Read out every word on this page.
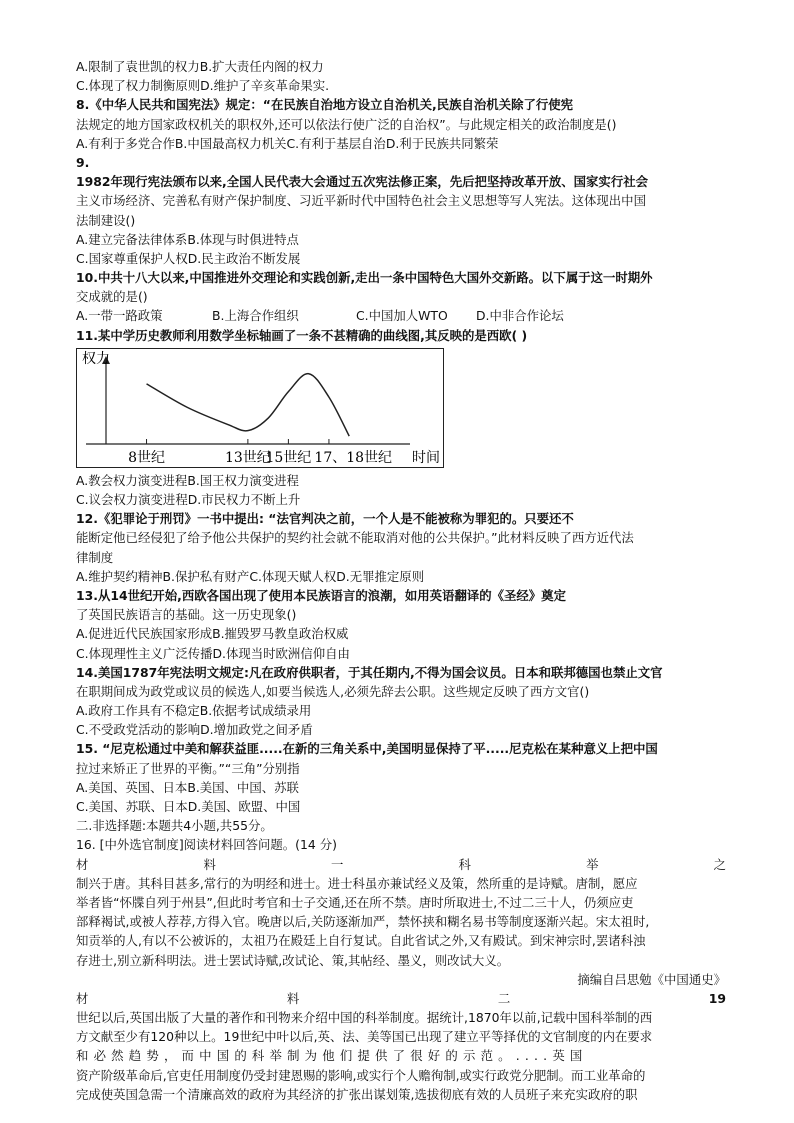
A.限制了袁世凯的权力B.扩大责任内阁的权力
C.体现了权力制衡原则D.维护了辛亥革命果实.
8.《中华人民共和国宪法》规定：“在民族自治地方设立自治机关,民族自治机关除了行使宪
法规定的地方国家政权机关的职权外,还可以依法行使广泛的自治权”。与此规定相关的政治制度是()
A.有利于多党合作B.中国最高权力机关C.有利于基层自治D.利于民族共同繁荣
9.
1982年现行宪法颁布以来,全国人民代表大会通过五次宪法修正案，先后把坚持改革开放、国家实行社会
主义市场经济、完善私有财产保护制度、习近平新时代中国特色社会主义思想等写人宪法。这体现出中国
法制建设()
A.建立完备法律体系B.体现与时俱进特点
C.国家尊重保护人权D.民主政治不断发展
10.中共十八大以来,中国推进外交理论和实践创新,走出一条中国特色大国外交新路。以下属于这一时期外
交成就的是()
A.一带一路政策	B.上海合作组织	C.中国加人WTO D.中非合作论坛
11.某中学历史教师利用数学坐标轴画了一条不甚精确的曲线图,其反映的是西欧( )
权力
时间
8世纪	13世纪
15世纪 17、18世纪
A.教会权力演变进程B.国王权力演变进程
C.议会权力演变进程D.市民权力不断上升
12.《犯罪论于刑罚》一书中提出: “法官判决之前，一个人是不能被称为罪犯的。只要还不
能断定他已经侵犯了给予他公共保护的契约社会就不能取消对他的公共保护。”此材料反映了西方近代法
律制度
A.维护契约精神B.保护私有财产C.体现天赋人权D.无罪推定原则
13.从14世纪开始,西欧各国出现了使用本民族语言的浪潮，如用英语翻译的《圣经》奠定
了英国民族语言的基础。这一历史现象()
A.促进近代民族国家形成B.摧毁罗马教皇政治权威
C.体现理性主义广泛传播D.体现当时欧洲信仰自由
14.美国1787年宪法明文规定:凡在政府供职者，于其任期内,不得为国会议员。日本和联邦德国也禁止文官
在职期间成为政党或议员的候选人,如要当候选人,必须先辞去公职。这些规定反映了西方文官()
A.政府工作具有不稳定B.依据考试成绩录用
C.不受政党活动的影响D.增加政党之间矛盾
15. “尼克松通过中美和解获益匪.....在新的三角关系中,美国明显保持了平.....尼克松在某种意义上把中国
拉过来矫正了世界的平衡。”“三角”分别指
A.美国、英国、日本B.美国、中国、苏联
C.美国、苏联、日本D.美国、欧盟、中国
二.非选择题:本题共4小题,共55分。
16. [中外选官制度]阅读材料回答问题。(14 分)
材	料	一	科	举	之
制兴于唐。其科目甚多,常行的为明经和进士。进士科虽亦兼试经义及策，然所重的是诗赋。唐制，愿应
举者皆“怀牒自列于州县”,但此时考官和士子交通,还在所不禁。唐时所取进士,不过二三十人，仍须应吏
部释褐试,或被人荐荐,方得入官。晚唐以后,关防逐渐加严，禁怀挟和糊名易书等制度逐渐兴起。宋太祖时,
知贡举的人,有以不公被诉的，太祖乃在殿廷上自行复试。自此省试之外,又有殿试。到宋神宗时,罢诸科浊
存进士,别立新科明法。进士罢试诗赋,改试论、策,其帖经、墨义，则改试大义。
摘编自吕思勉《中国通史》
材	料	二	19
世纪以后,英国出版了大量的著作和刊物来介绍中国的科举制度。据统计,1870年以前,记载中国科举制的西
方文献至少有120种以上。19世纪中叶以后,英、法、美等国已出现了建立平等择优的文官制度的内在要求
和必然趋势，而中国的科举制为他们提供了很好的示范。....英国
资产阶级革命后,官吏任用制度仍受封建恩赐的影响,或实行个人赡徇制,或实行政党分肥制。而工业革命的
完成使英国急需一个清廉高效的政府为其经济的扩张出谋划策,选拔彻底有效的人员班子来充实政府的职
